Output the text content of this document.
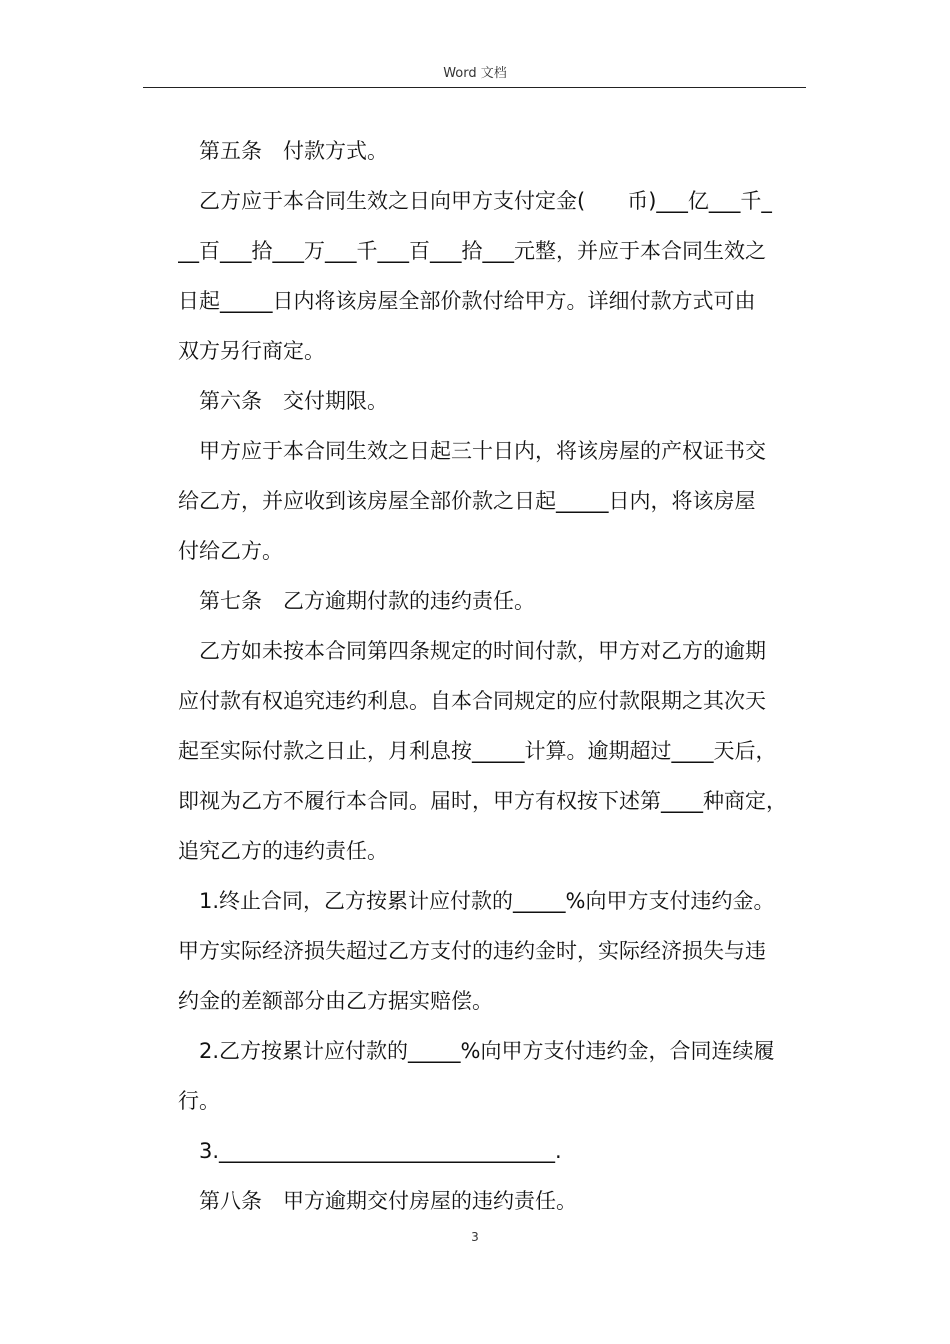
Word 文档
第五条　付款方式。
乙方应于本合同生效之日向甲方支付定金(　　币)___亿___千_
__百___拾___万___千___百___拾___元整，并应于本合同生效之
日起_____日内将该房屋全部价款付给甲方。详细付款方式可由
双方另行商定。
第六条　交付期限。
甲方应于本合同生效之日起三十日内，将该房屋的产权证书交
给乙方，并应收到该房屋全部价款之日起_____日内，将该房屋
付给乙方。
第七条　乙方逾期付款的违约责任。
乙方如未按本合同第四条规定的时间付款，甲方对乙方的逾期
应付款有权追究违约利息。自本合同规定的应付款限期之其次天
起至实际付款之日止，月利息按_____计算。逾期超过____天后，
即视为乙方不履行本合同。届时，甲方有权按下述第____种商定，
追究乙方的违约责任。
1.终止合同，乙方按累计应付款的_____%向甲方支付违约金。
甲方实际经济损失超过乙方支付的违约金时，实际经济损失与违
约金的差额部分由乙方据实赔偿。
2.乙方按累计应付款的_____%向甲方支付违约金，合同连续履
行。
3.________________________________.
第八条　甲方逾期交付房屋的违约责任。
3
